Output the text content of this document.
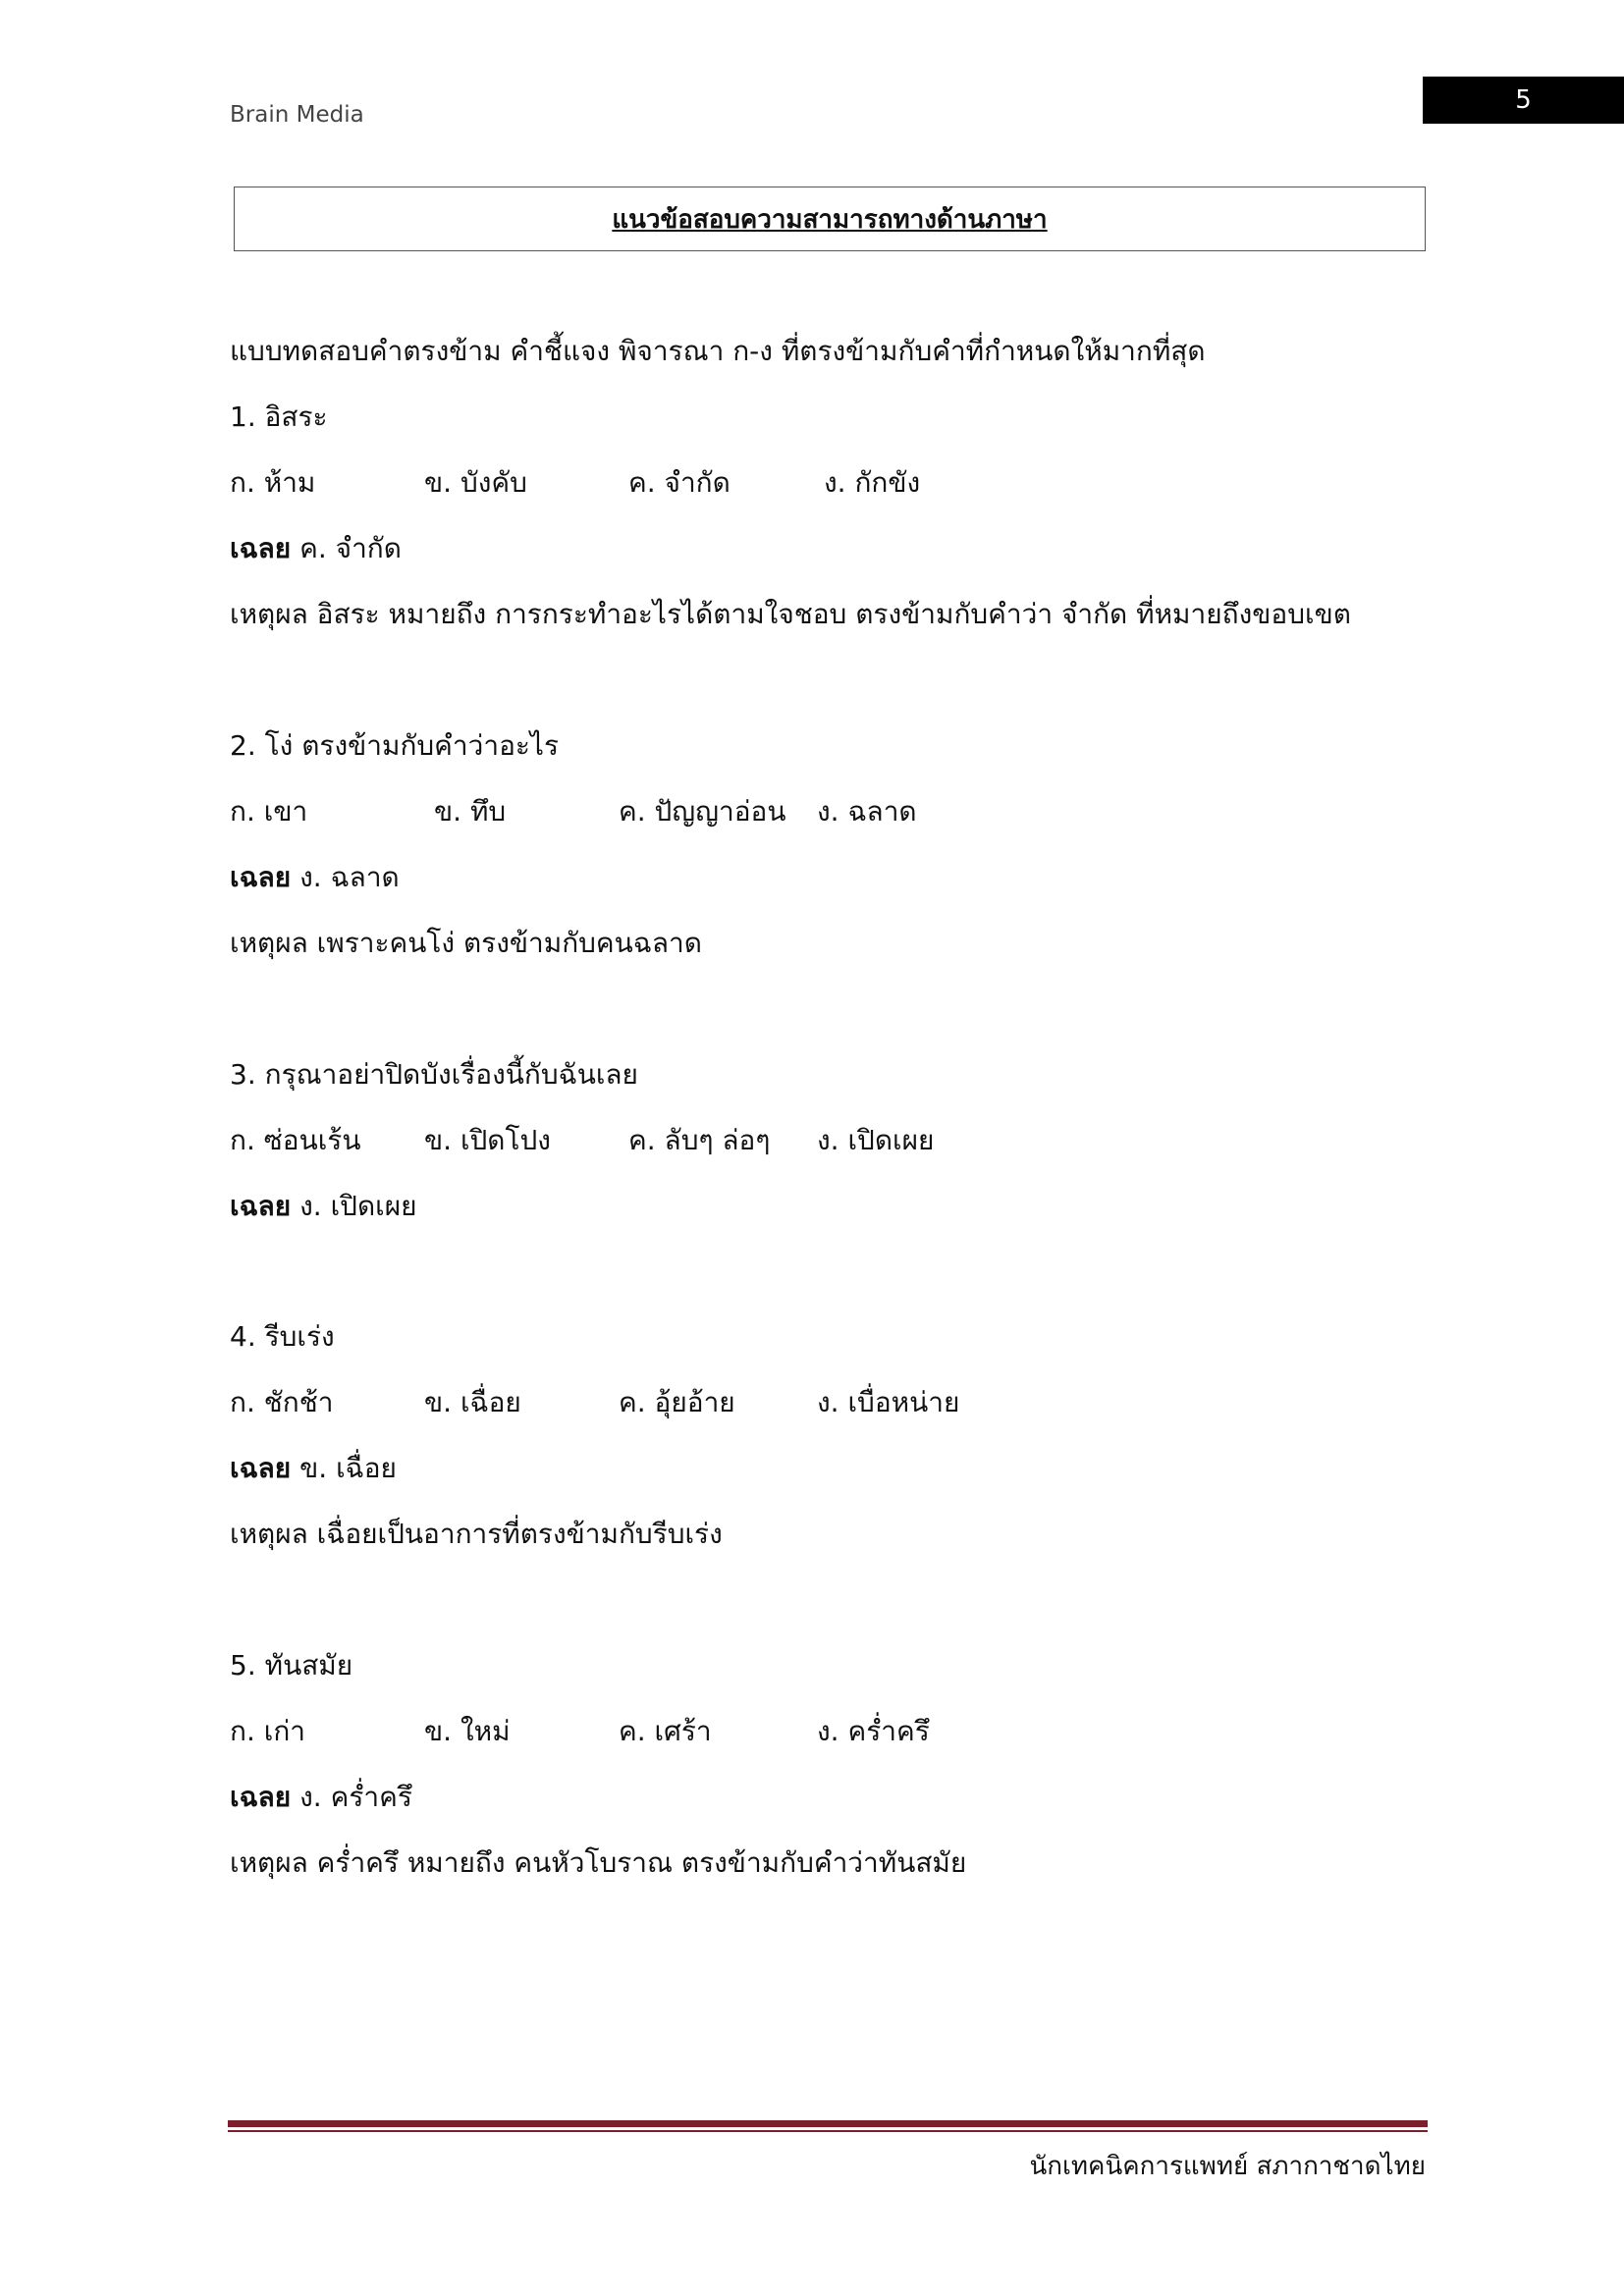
Brain Media	5
แนวข้อสอบความสามารถทางด้านภาษา
แบบทดสอบคำตรงข้าม คำชี้แจง พิจารณา ก-ง ที่ตรงข้ามกับคำที่กำหนดให้มากที่สุด
1. อิสระ
ก. ห้าม	ข. บังคับ	ค. จำกัด	ง. กักขัง
เฉลย ค. จำกัด
เหตุผล อิสระ หมายถึง การกระทำอะไรได้ตามใจชอบ ตรงข้ามกับคำว่า จำกัด ที่หมายถึงขอบเขต
2. โง่ ตรงข้ามกับคำว่าอะไร
ก. เขา	ข. ทึบ	ค. ปัญญาอ่อน ง. ฉลาด
เฉลย ง. ฉลาด
เหตุผล เพราะคนโง่ ตรงข้ามกับคนฉลาด
3. กรุณาอย่าปิดบังเรื่องนี้กับฉันเลย
ก. ซ่อนเร้น ข. เปิดโปง	ค. ลับๆ ล่อๆ ง. เปิดเผย
เฉลย ง. เปิดเผย
4. รีบเร่ง
ก. ชักช้า	ข. เฉื่อย	ค. อุ้ยอ้าย	ง. เบื่อหน่าย
เฉลย ข. เฉื่อย
เหตุผล เฉื่อยเป็นอาการที่ตรงข้ามกับรีบเร่ง
5. ทันสมัย
ก. เก่า	ข. ใหม่	ค. เศร้า	ง. คร่ำครึ
เฉลย ง. คร่ำครึ
เหตุผล คร่ำครึ หมายถึง คนหัวโบราณ ตรงข้ามกับคำว่าทันสมัย
นักเทคนิคการแพทย์ สภากาชาดไทย
